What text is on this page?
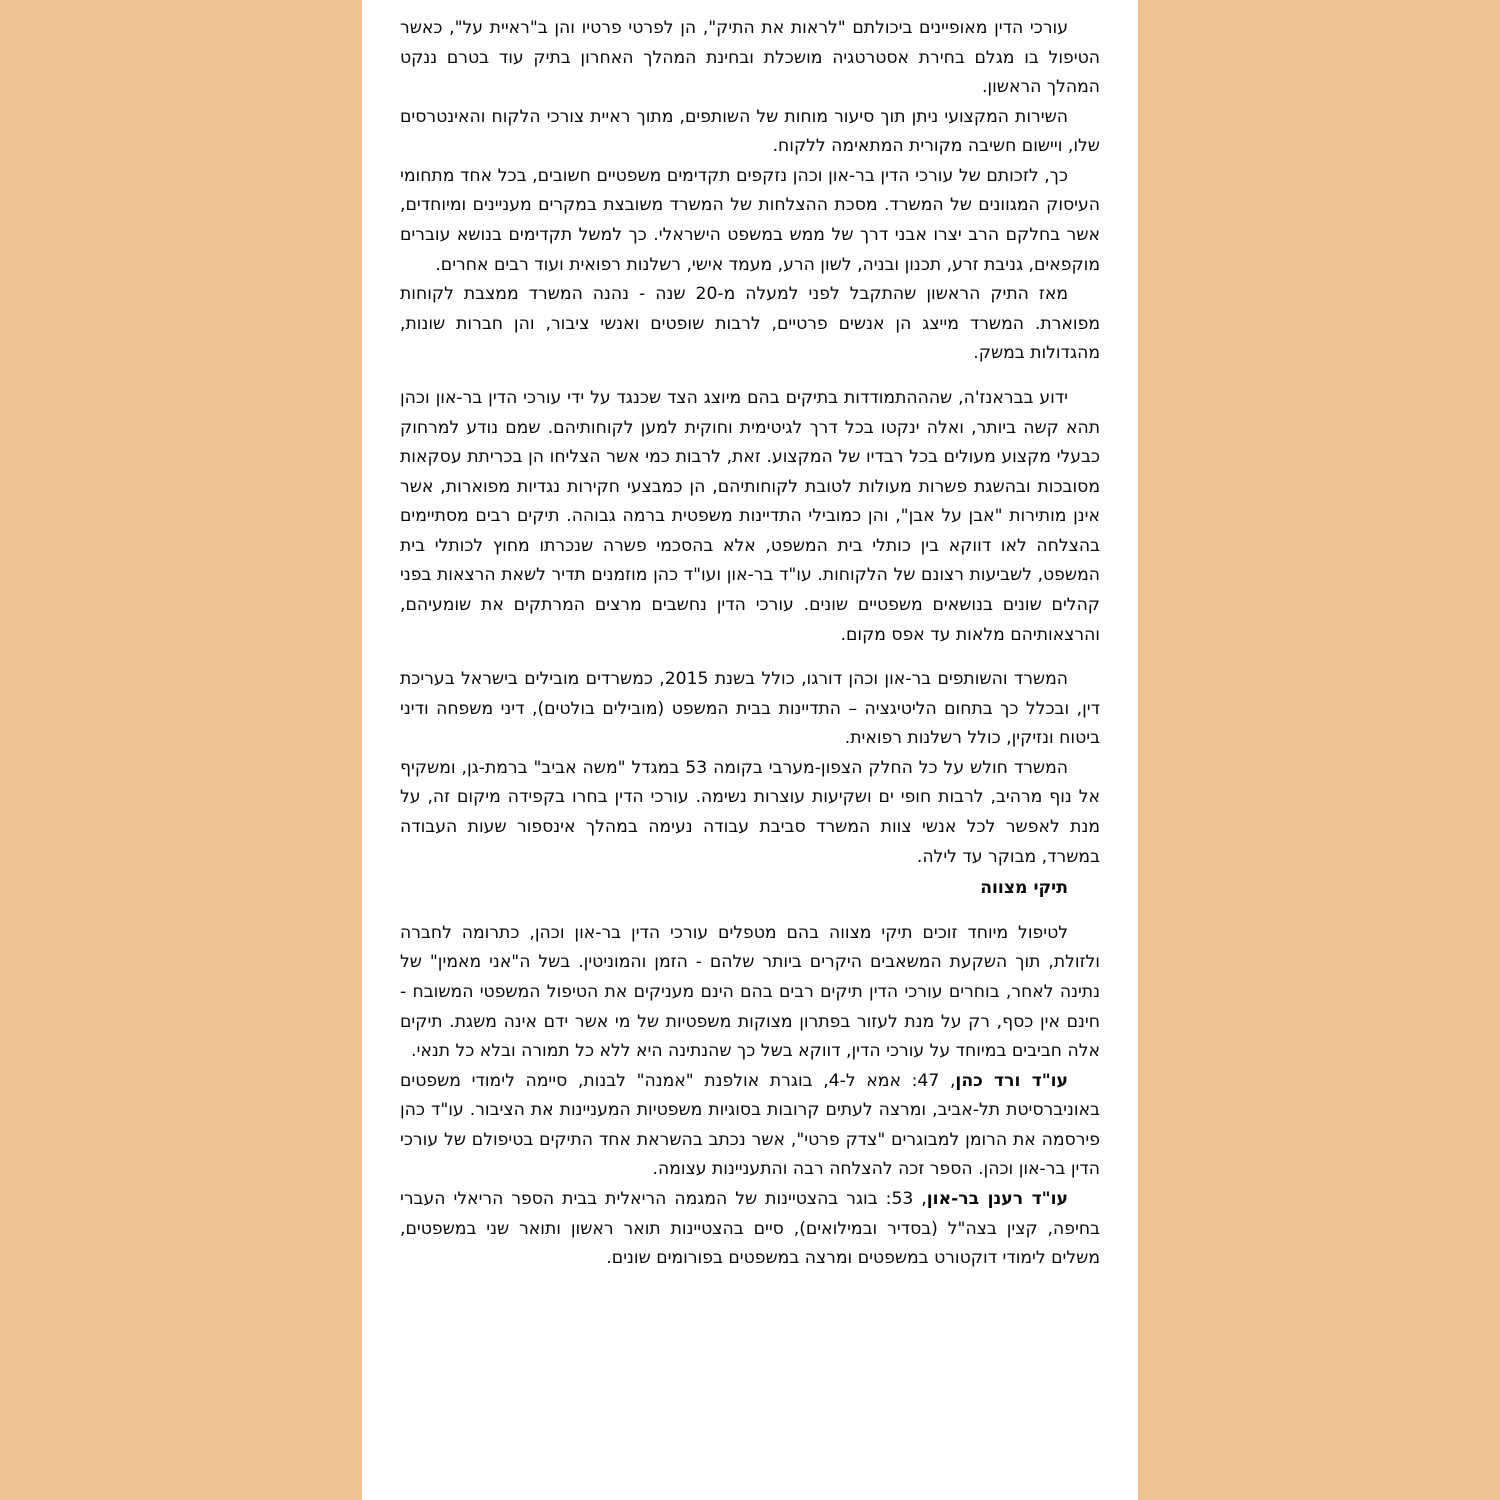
עורכי הדין מאופיינים ביכולתם "לראות את התיק", הן לפרטי פרטיו והן ב"ראיית על", כאשר הטיפול בו מגלם בחירת אסטרטגיה מושכלת ובחינת המהלך האחרון בתיק עוד בטרם ננקט המהלך הראשון.

השירות המקצועי ניתן תוך סיעור מוחות של השותפים, מתוך ראיית צורכי הלקוח והאינטרסים שלו, ויישום חשיבה מקורית המתאימה ללקוח.

כך, לזכותם של עורכי הדין בר-און וכהן נזקפים תקדימים משפטיים חשובים, בכל אחד מתחומי העיסוק המגוונים של המשרד. מסכת ההצלחות של המשרד משובצת במקרים מעניינים ומיוחדים, אשר בחלקם הרב יצרו אבני דרך של ממש במשפט הישראלי. כך למשל תקדימים בנושא עוברים מוקפאים, גניבת זרע, תכנון ובניה, לשון הרע, מעמד אישי, רשלנות רפואית ועוד רבים אחרים.

מאז התיק הראשון שהתקבל לפני למעלה מ-20 שנה - נהנה המשרד ממצבת לקוחות מפוארת. המשרד מייצג הן אנשים פרטיים, לרבות שופטים ואנשי ציבור, והן חברות שונות, מהגדולות במשק.

ידוע בבראנז'ה, שהההתמודדות בתיקים בהם מיוצג הצד שכנגד על ידי עורכי הדין בר-און וכהן תהא קשה ביותר, ואלה ינקטו בכל דרך לגיטימית וחוקית למען לקוחותיהם. שמם נודע למרחוק כבעלי מקצוע מעולים בכל רבדיו של המקצוע. זאת, לרבות כמי אשר הצליחו הן בכריתת עסקאות מסובכות ובהשגת פשרות מעולות לטובת לקוחותיהם, הן כמבצעי חקירות נגדיות מפוארות, אשר אינן מותירות "אבן על אבן", והן כמובילי התדיינות משפטית ברמה גבוהה. תיקים רבים מסתיימים בהצלחה לאו דווקא בין כותלי בית המשפט, אלא בהסכמי פשרה שנכרתו מחוץ לכותלי בית המשפט, לשביעות רצונם של הלקוחות. עו"ד בר-און ועו"ד כהן מוזמנים תדיר לשאת הרצאות בפני קהלים שונים בנושאים משפטיים שונים. עורכי הדין נחשבים מרצים המרתקים את שומעיהם, והרצאותיהם מלאות עד אפס מקום.

המשרד והשותפים בר-און וכהן דורגו, כולל בשנת 2015, כמשרדים מובילים בישראל בעריכת דין, ובכלל כך בתחום הליטיגציה – התדיינות בבית המשפט (מובילים בולטים), דיני משפחה ודיני ביטוח ונזיקין, כולל רשלנות רפואית.

המשרד חולש על כל החלק הצפון-מערבי בקומה 53 במגדל "משה אביב" ברמת-גן, ומשקיף אל נוף מרהיב, לרבות חופי ים ושקיעות עוצרות נשימה. עורכי הדין בחרו בקפידה מיקום זה, על מנת לאפשר לכל אנשי צוות המשרד סביבת עבודה נעימה במהלך אינספור שעות העבודה במשרד, מבוקר עד לילה.

תיקי מצווה

לטיפול מיוחד זוכים תיקי מצווה בהם מטפלים עורכי הדין בר-און וכהן, כתרומה לחברה ולזולת, תוך השקעת המשאבים היקרים ביותר שלהם - הזמן והמוניטין. בשל ה"אני מאמין" של נתינה לאחר, בוחרים עורכי הדין תיקים רבים בהם הינם מעניקים את הטיפול המשפטי המשובח - חינם אין כסף, רק על מנת לעזור בפתרון מצוקות משפטיות של מי אשר ידם אינה משגת. תיקים אלה חביבים במיוחד על עורכי הדין, דווקא בשל כך שהנתינה היא ללא כל תמורה ובלא כל תנאי.

עו"ד ורד כהן, 47: אמא ל-4, בוגרת אולפנת "אמנה" לבנות, סיימה לימודי משפטים באוניברסיטת תל-אביב, ומרצה לעתים קרובות בסוגיות משפטיות המעניינות את הציבור. עו"ד כהן פירסמה את הרומן למבוגרים "צדק פרטי", אשר נכתב בהשראת אחד התיקים בטיפולם של עורכי הדין בר-און וכהן. הספר זכה להצלחה רבה והתעניינות עצומה.

עו"ד רענן בר-און, 53: בוגר בהצטיינות של המגמה הריאלית בבית הספר הריאלי העברי בחיפה, קצין בצה"ל (בסדיר ובמילואים), סיים בהצטיינות תואר ראשון ותואר שני במשפטים, משלים לימודי דוקטורט במשפטים ומרצה במשפטים בפורומים שונים.
